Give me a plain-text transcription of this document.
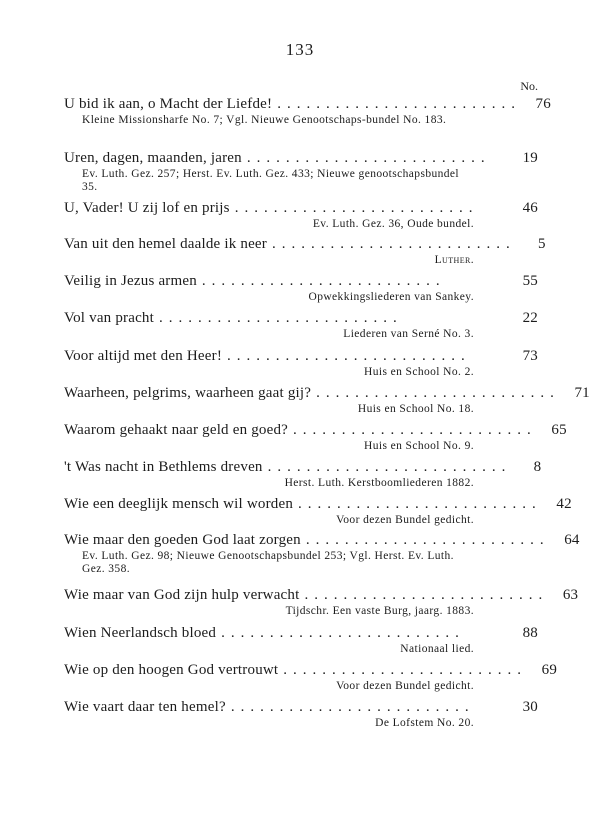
133
No.
U bid ik aan, o Macht der Liefde! ......................... 76
Kleine Missionsharfe No. 7; Vgl. Nieuwe Genootschaps-bundel No. 183.
Uren, dagen, maanden, jaren .........................	19
Ev. Luth. Gez. 257; Herst. Ev. Luth. Gez. 433; Nieuwe genootschapsbundel 35.
U, Vader! U zij lof en prijs .........................	46
Ev. Luth. Gez. 36, Oude bundel.
Van uit den hemel daalde ik neer .........................	5
Luther.
Veilig in Jezus armen .........................	55
Opwekkingsliederen van Sankey.
Vol van pracht .........................	22
Liederen van Serné No. 3.
Voor altijd met den Heer! .........................	73
Huis en School No. 2.
Waarheen, pelgrims, waarheen gaat gij? ......................... 71
Huis en School No. 18.
Waarom gehaakt naar geld en goed? ......................... 65
Huis en School No. 9.
't Was nacht in Bethlems dreven .........................	8
Herst. Luth. Kerstboomliederen 1882.
Wie een deeglijk mensch wil worden ......................... 42
Voor dezen Bundel gedicht.
Wie maar den goeden God laat zorgen ......................... 64
Ev. Luth. Gez. 98; Nieuwe Genootschapsbundel 253; Vgl. Herst. Ev. Luth. Gez. 358.
Wie maar van God zijn hulp verwacht ......................... 63
Tijdschr. Een vaste Burg, jaarg. 1883.
Wien Neerlandsch bloed .........................	88
Nationaal lied.
Wie op den hoogen God vertrouwt ......................... 69
Voor dezen Bundel gedicht.
Wie vaart daar ten hemel? .........................	30
De Lofstem No. 20.
